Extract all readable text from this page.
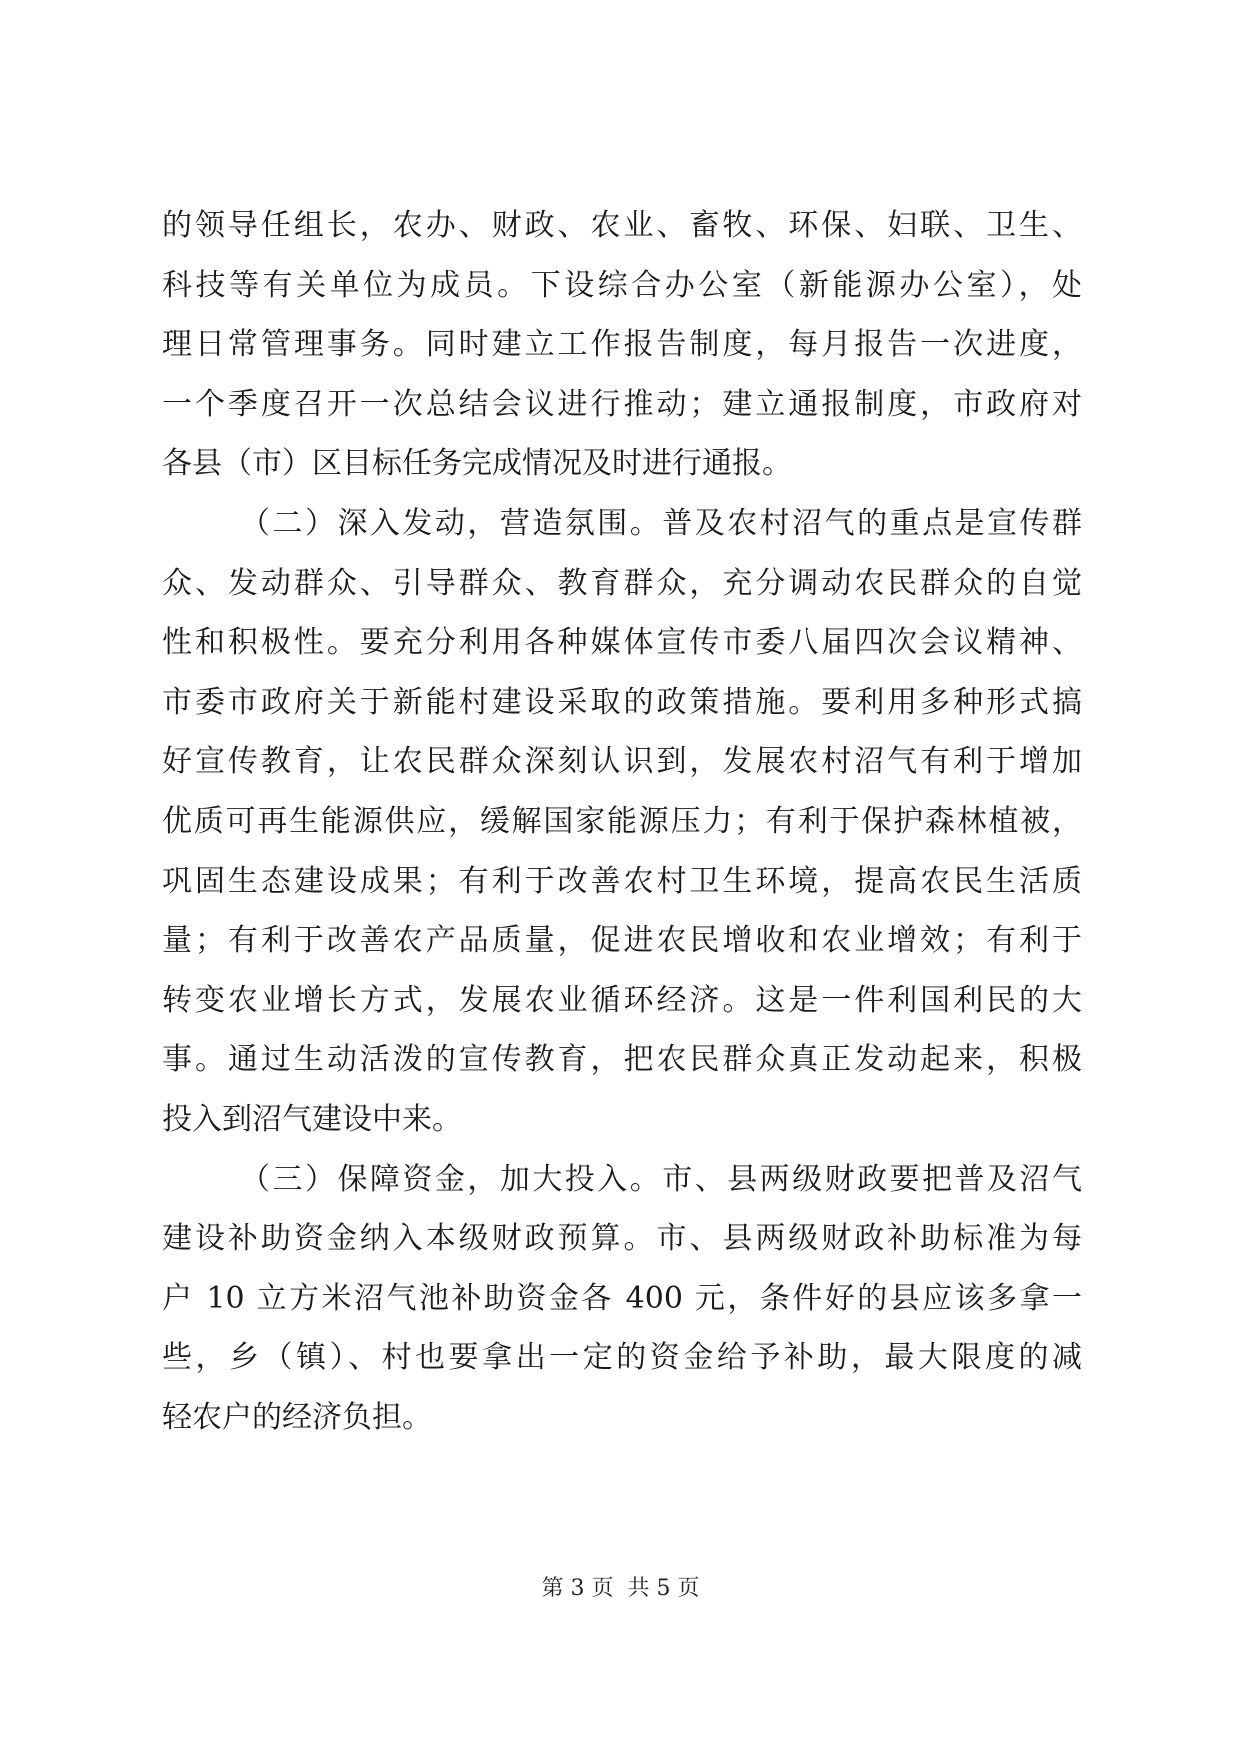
的领导任组长，农办、财政、农业、畜牧、环保、妇联、卫生、
科技等有关单位为成员。下设综合办公室（新能源办公室），处
理日常管理事务。同时建立工作报告制度，每月报告一次进度，
一个季度召开一次总结会议进行推动；建立通报制度，市政府对
各县（市）区目标任务完成情况及时进行通报。
（二）深入发动，营造氛围。普及农村沼气的重点是宣传群
众、发动群众、引导群众、教育群众，充分调动农民群众的自觉
性和积极性。要充分利用各种媒体宣传市委八届四次会议精神、
市委市政府关于新能村建设采取的政策措施。要利用多种形式搞
好宣传教育，让农民群众深刻认识到，发展农村沼气有利于增加
优质可再生能源供应，缓解国家能源压力；有利于保护森林植被，
巩固生态建设成果；有利于改善农村卫生环境，提高农民生活质
量；有利于改善农产品质量，促进农民增收和农业增效；有利于
转变农业增长方式，发展农业循环经济。这是一件利国利民的大
事。通过生动活泼的宣传教育，把农民群众真正发动起来，积极
投入到沼气建设中来。
（三）保障资金，加大投入。市、县两级财政要把普及沼气
建设补助资金纳入本级财政预算。市、县两级财政补助标准为每
户 10 立方米沼气池补助资金各 400 元，条件好的县应该多拿一
些，乡（镇）、村也要拿出一定的资金给予补助，最大限度的减
轻农户的经济负担。
第 3 页  共 5 页
